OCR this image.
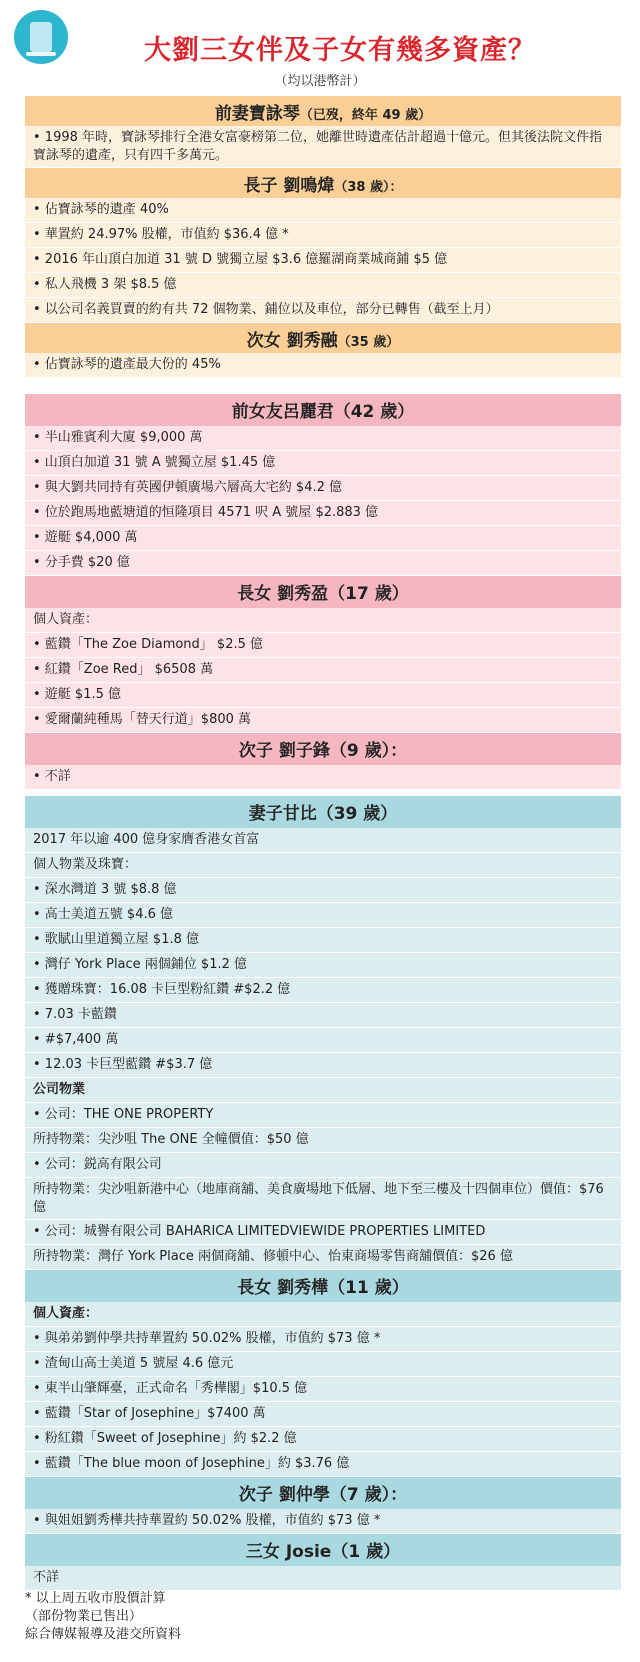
大劉三女伴及子女有幾多資產？
（均以港幣計）
前妻寶詠琴（已歿，終年 49 歲）
• 1998 年時，寶詠琴排行全港女富豪榜第二位，她離世時遺產估計超過十億元。但其後法院文件指寶詠琴的遺產，只有四千多萬元。
長子 劉鳴煒（38 歲）：
• 佔寶詠琴的遺產 40%
• 華置約 24.97% 股權，市值約 $36.4 億 *
• 2016 年山頂白加道 31 號 D 號獨立屋 $3.6 億羅湖商業城商鋪 $5 億
• 私人飛機 3 架 $8.5 億
• 以公司名義買賣的約有共 72 個物業、鋪位以及車位，部分已轉售（截至上月）
次女 劉秀融（35 歲）
• 佔寶詠琴的遺產最大份的 45%
前女友呂麗君（42 歲）
• 半山雅賓利大廈 $9,000 萬
• 山頂白加道 31 號 A 號獨立屋 $1.45 億
• 與大劉共同持有英國伊頓廣場六層高大宅約 $4.2 億
• 位於跑馬地藍塘道的恒隆項目 4571 呎 A 號屋 $2.883 億
• 遊艇 $4,000 萬
• 分手費 $20 億
長女 劉秀盈（17 歲）
個人資產：
• 藍鑽「The Zoe Diamond」 $2.5 億
• 紅鑽「Zoe Red」 $6508 萬
• 遊艇 $1.5 億
• 愛爾蘭純種馬「替天行道」$800 萬
次子 劉子鋒（9 歲）：
• 不詳
妻子甘比（39 歲）
2017 年以逾 400 億身家膺香港女首富
個人物業及珠寶：
• 深水灣道 3 號 $8.8 億
• 高士美道五號 $4.6 億
• 歌賦山里道獨立屋 $1.8 億
• 灣仔 York Place 兩個鋪位 $1.2 億
• 獲贈珠寶：16.08 卡巨型粉紅鑽 #$2.2 億
• 7.03 卡藍鑽
• #$7,400 萬
• 12.03 卡巨型藍鑽 #$3.7 億
公司物業
• 公司：THE ONE PROPERTY
所持物業：尖沙咀 The ONE 全幢價值：$50 億
• 公司：鋭高有限公司
所持物業：尖沙咀新港中心（地庫商舖、美食廣場地下低層、地下至三樓及十四個車位）價值：$76 億
• 公司：城譽有限公司 BAHARICA LIMITEDVIEWIDE PROPERTIES LIMITED
所持物業：灣仔 York Place 兩個商舖、修頓中心、怡東商場零售商舖價值：$26 億
長女 劉秀樺（11 歲）
個人資產：
• 與弟弟劉仲學共持華置約 50.02% 股權，市值約 $73 億 *
• 渣甸山高士美道 5 號屋 4.6 億元
• 東半山肇輝臺，正式命名「秀樺閣」$10.5 億
• 藍鑽「Star of Josephine」$7400 萬
• 粉紅鑽「Sweet of Josephine」約 $2.2 億
• 藍鑽「The blue moon of Josephine」約 $3.76 億
次子 劉仲學（7 歲）：
• 與姐姐劉秀樺共持華置約 50.02% 股權，市值約 $73 億 *
三女 Josie（1 歲）
不詳
* 以上周五收市股價計算
（部份物業已售出）
綜合傳媒報導及港交所資料
